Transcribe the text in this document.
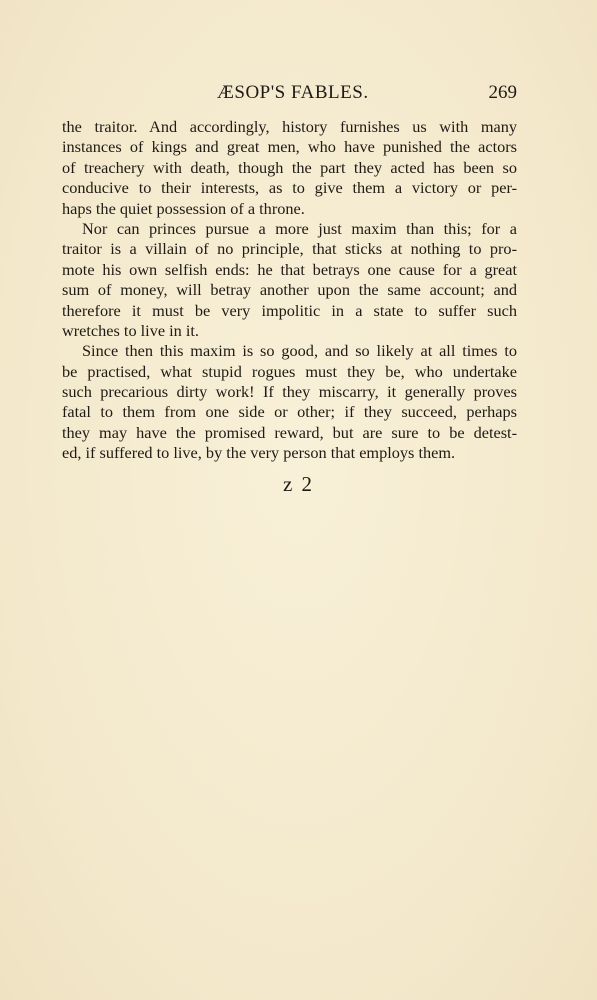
ÆSOP'S FABLES.	269
the traitor. And accordingly, history furnishes us with many
instances of kings and great men, who have punished the actors
of treachery with death, though the part they acted has been so
conducive to their interests, as to give them a victory or per-
haps the quiet possession of a throne.
Nor can princes pursue a more just maxim than this; for a
traitor is a villain of no principle, that sticks at nothing to pro-
mote his own selfish ends: he that betrays one cause for a great
sum of money, will betray another upon the same account; and
therefore it must be very impolitic in a state to suffer such
wretches to live in it.
Since then this maxim is so good, and so likely at all times to
be practised, what stupid rogues must they be, who undertake
such precarious dirty work! If they miscarry, it generally proves
fatal to them from one side or other; if they succeed, perhaps
they may have the promised reward, but are sure to be detest-
ed, if suffered to live, by the very person that employs them.
z 2
